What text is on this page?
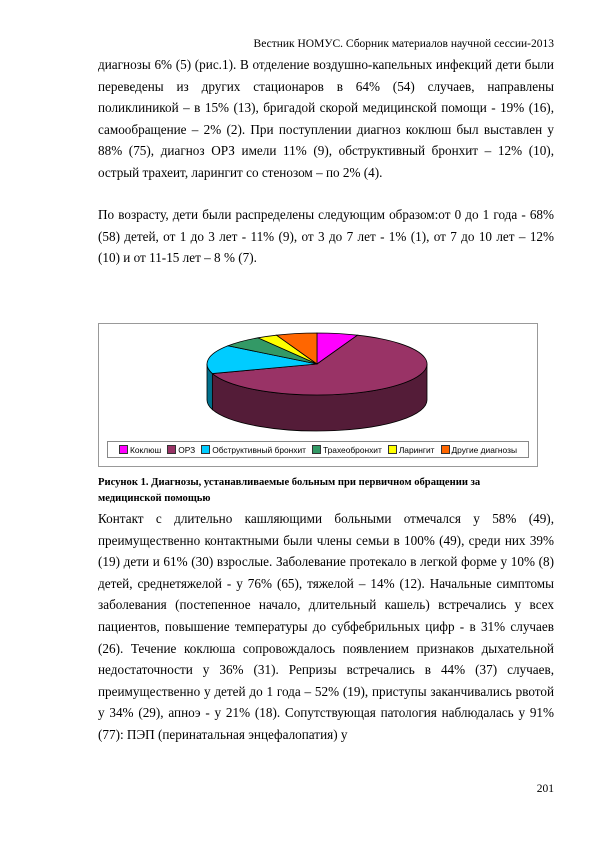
Вестник НОМУС. Сборник материалов научной сессии-2013

диагнозы 6% (5) (рис.1). В отделение воздушно-капельных инфекций дети были переведены из других стационаров в 64% (54) случаев, направлены поликлиникой – в 15% (13), бригадой скорой медицинской помощи - 19% (16), самообращение – 2% (2). При поступлении диагноз коклюш был выставлен у 88% (75), диагноз ОРЗ имели 11% (9), обструктивный бронхит – 12% (10), острый трахеит, ларингит со стенозом – по 2% (4).

По возрасту, дети были распределены следующим образом:от 0 до 1 года - 68% (58) детей, от 1 до 3 лет - 11% (9), от 3 до 7 лет - 1% (1), от 7 до 10 лет – 12% (10) и от 11-15 лет – 8 % (7).

Коклюш ОРЗ Обструктивный бронхит Трахеобронхит Ларингит Другие диагнозы
Рисунок 1. Диагнозы, устанавливаемые больным при первичном обращении за медицинской помощью

Контакт с длительно кашляющими больными отмечался у 58% (49), преимущественно контактными были члены семьи в 100% (49), среди них 39% (19) дети и 61% (30) взрослые. Заболевание протекало в легкой форме у 10% (8) детей, среднетяжелой - у 76% (65), тяжелой – 14% (12). Начальные симптомы заболевания (постепенное начало, длительный кашель) встречались у всех пациентов, повышение температуры до субфебрильных цифр - в 31% случаев (26). Течение коклюша сопровождалось появлением признаков дыхательной недостаточности у 36% (31). Репризы встречались в 44% (37) случаев, преимущественно у детей до 1 года – 52% (19), приступы заканчивались рвотой у 34% (29), апноэ - у 21% (18). Сопутствующая патология наблюдалась у 91% (77): ПЭП (перинатальная энцефалопатия) у

201
